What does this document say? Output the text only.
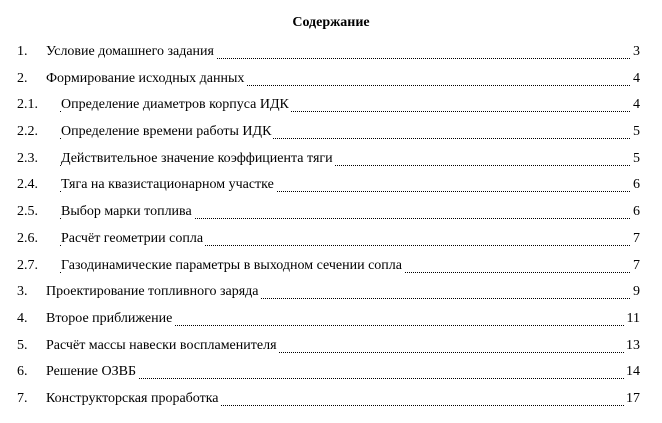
Содержание
1. Условие домашнего задания	3
2. Формирование исходных данных	4
2.1. Определение диаметров корпуса ИДК	4
2.2. Определение времени работы ИДК	5
2.3. Действительное значение коэффициента тяги	5
2.4. Тяга на квазистационарном участке	6
2.5. Выбор марки топлива	6
2.6. Расчёт геометрии сопла	7
2.7. Газодинамические параметры в выходном сечении сопла	7
3. Проектирование топливного заряда	9
4. Второе приближение	11
5. Расчёт массы навески воспламенителя	13
6. Решение ОЗВБ	14
7. Конструкторская проработка	17
